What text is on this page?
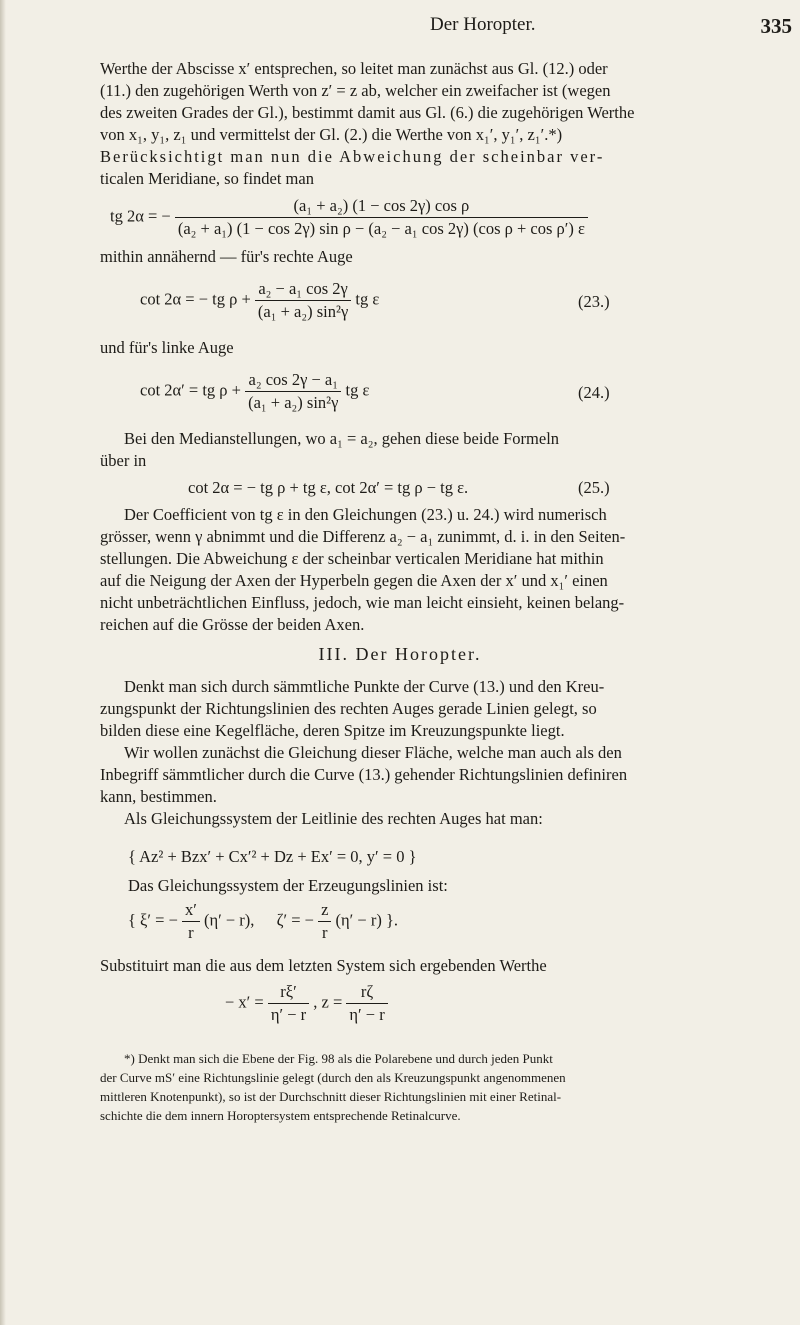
Der Horopter.	335
Werthe der Abscisse x′ entsprechen, so leitet man zunächst aus Gl. (12.) oder
(11.) den zugehörigen Werth von z′ = z ab, welcher ein zweifacher ist (wegen
des zweiten Grades der Gl.), bestimmt damit aus Gl. (6.) die zugehörigen Werthe
von x₁, y₁, z₁ und vermittelst der Gl. (2.) die Werthe von x₁′, y₁′, z₁′.*)
Berücksichtigt man nun die Abweichung der scheinbar ver-
ticalen Meridiane, so findet man
tg 2α = −
(a₁ + a₂) (1 − cos 2γ) cos ρ
(a₂ + a₁) (1 − cos 2γ) sin ρ − (a₂ − a₁ cos 2γ) (cos ρ + cos ρ′) ε
mithin annähernd — für's rechte Auge
cot 2α = − tg $\rho + \frac{\text{a₂ − a₁ cos 2γ}}{\text{(a₁ + a₂) sin²γ}}$ tg ε	(23.)
und für's linke Auge
cot 2α′ = tg $\rho + \frac{\text{a₂ cos 2γ − a₁}}{\text{(a₁ + a₂) sin²γ}}$ tg ε	(24.)
Bei den Medianstellungen, wo a₁ = a₂, gehen diese beide Formeln
über in
cot 2α = − tg ρ + tg ε, cot 2α′ = tg ρ − tg ε.	(25.)
Der Coefficient von tg ε in den Gleichungen (23.) u. 24.) wird numerisch
grösser, wenn γ abnimmt und die Differenz a₂ − a₁ zunimmt, d. i. in den Seiten-
stellungen. Die Abweichung ε der scheinbar verticalen Meridiane hat mithin
auf die Neigung der Axen der Hyperbeln gegen die Axen der x′ und x₁′ einen
nicht unbeträchtlichen Einfluss, jedoch, wie man leicht einsieht, keinen belang-
reichen auf die Grösse der beiden Axen.
III. Der Horopter.
Denkt man sich durch sämmtliche Punkte der Curve (13.) und den Kreu-
zungspunkt der Richtungslinien des rechten Auges gerade Linien gelegt, so
bilden diese eine Kegelfläche, deren Spitze im Kreuzungspunkte liegt.
Wir wollen zunächst die Gleichung dieser Fläche, welche man auch als den
Inbegriff sämmtlicher durch die Curve (13.) gehender Richtungslinien definiren
kann, bestimmen.
Als Gleichungssystem der Leitlinie des rechten Auges hat man:
{ Az² + Bzx′ + Cx′² + Dz + Ex′ = 0, y′ = 0 }
Das Gleichungssystem der Erzeugungslinien ist:
{ ξ′ = − $\frac{x'}{r} (\eta' - r)$, ζ′ = − $\frac{z}{r} (\eta' - r)$ }.
Substituirt man die aus dem letzten System sich ergebenden Werthe
− $x' = \frac{r\xi'}{\eta' - r}$ , $z = \frac{r\zeta}{\eta' - r}$
*) Denkt man sich die Ebene der Fig. 98 als die Polarebene und durch jeden Punkt
der Curve mS′ eine Richtungslinie gelegt (durch den als Kreuzungspunkt angenommenen
mittleren Knotenpunkt), so ist der Durchschnitt dieser Richtungslinien mit einer Retinal-
schichte die dem innern Horoptersystem entsprechende Retinalcurve.
